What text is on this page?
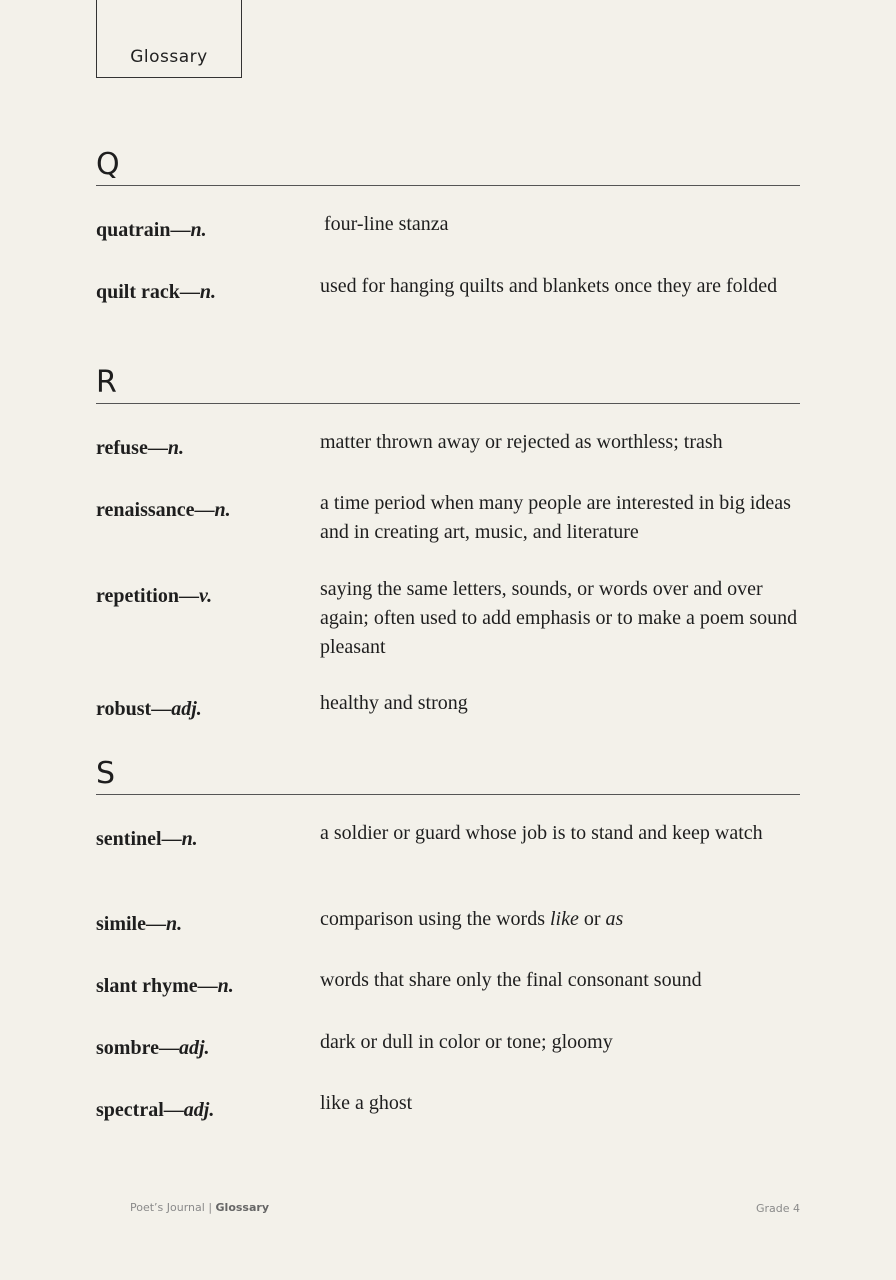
Glossary
Q
quatrain—n.	four-line stanza
quilt rack—n.	used for hanging quilts and blankets once they are folded
R
refuse—n.	matter thrown away or rejected as worthless; trash
renaissance—n.	a time period when many people are interested in big ideas and in creating art, music, and literature
repetition—v.	saying the same letters, sounds, or words over and over again; often used to add emphasis or to make a poem sound pleasant
robust—adj.	healthy and strong
S
sentinel—n.	a soldier or guard whose job is to stand and keep watch
simile—n.	comparison using the words like or as
slant rhyme—n.	words that share only the final consonant sound
sombre—adj.	dark or dull in color or tone; gloomy
spectral—adj.	like a ghost
Poet’s Journal | Glossary	Grade 4
